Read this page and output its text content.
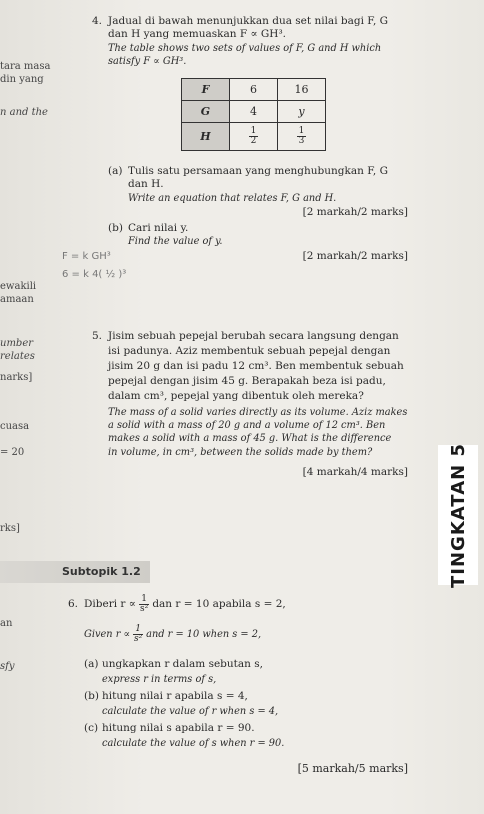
tara masa
din yang
n and the
ewakili
amaan
umber
relates
narks]
cuasa
= 20
rks]
an
sfy
4. Jadual di bawah menunjukkan dua set nilai bagi F, G
dan H yang memuaskan F ∝ GH³.
The table shows two sets of values of F, G and H which
satisfy F ∝ GH³.
F	6	16
G	4	y
H	$\frac{1}{2}$	$\frac{1}{3}$
(a) Tulis satu persamaan yang menghubungkan F, G
dan H.
Write an equation that relates F, G and H.
[2 markah/2 marks]
(b) Cari nilai y.
Find the value of y.
F = k GH³	[2 markah/2 marks]
6 = k 4( ½ )³
5. Jisim sebuah pepejal berubah secara langsung dengan
isi padunya. Aziz membentuk sebuah pepejal dengan
jisim 20 g dan isi padu 12 cm³. Ben membentuk sebuah
pepejal dengan jisim 45 g. Berapakah beza isi padu,
dalam cm³, pepejal yang dibentuk oleh mereka?
The mass of a solid varies directly as its volume. Aziz makes
a solid with a mass of 20 g and a volume of 12 cm³. Ben
makes a solid with a mass of 45 g. What is the difference
in volume, in cm³, between the solids made by them?
[4 markah/4 marks] TINGKATAN 5
Subtopik 1.2
6. Diberi $r \propto \frac{1}{\text{s²}}$ dan r = 10 apabila s = 2,
Given $r \propto \frac{1}{\text{s²}}$ and r = 10 when s = 2,
(a) ungkapkan r dalam sebutan s,
express r in terms of s,
(b) hitung nilai r apabila s = 4,
calculate the value of r when s = 4,
(c) hitung nilai s apabila r = 90.
calculate the value of s when r = 90.
[5 markah/5 marks]
